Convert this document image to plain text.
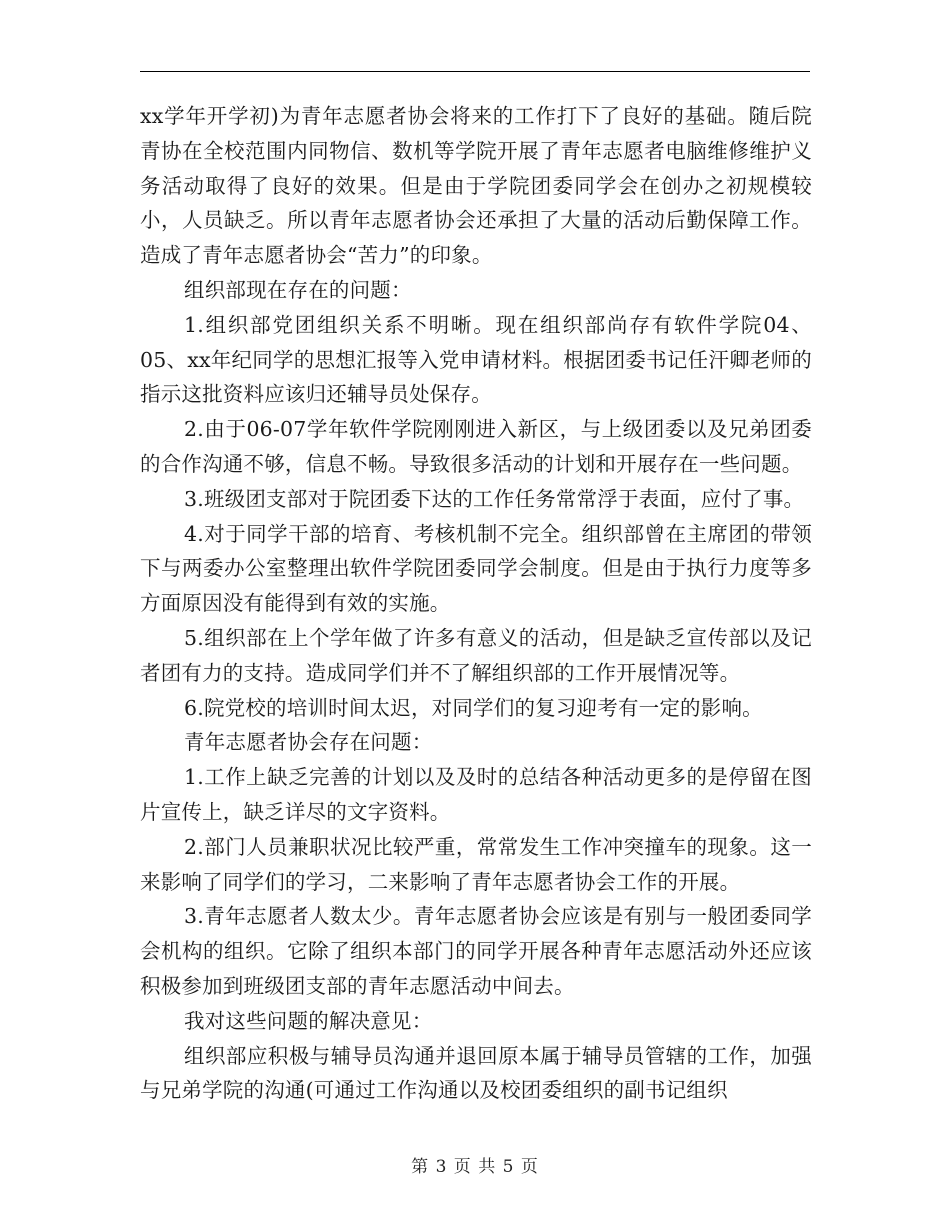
xx学年开学初)为青年志愿者协会将来的工作打下了良好的基础。随后院青协在全校范围内同物信、数机等学院开展了青年志愿者电脑维修维护义务活动取得了良好的效果。但是由于学院团委同学会在创办之初规模较小，人员缺乏。所以青年志愿者协会还承担了大量的活动后勤保障工作。造成了青年志愿者协会“苦力”的印象。

组织部现在存在的问题：

1.组织部党团组织关系不明晰。现在组织部尚存有软件学院04、05、xx年纪同学的思想汇报等入党申请材料。根据团委书记任汗卿老师的指示这批资料应该归还辅导员处保存。

2.由于06-07学年软件学院刚刚进入新区，与上级团委以及兄弟团委的合作沟通不够，信息不畅。导致很多活动的计划和开展存在一些问题。

3.班级团支部对于院团委下达的工作任务常常浮于表面，应付了事。

4.对于同学干部的培育、考核机制不完全。组织部曾在主席团的带领下与两委办公室整理出软件学院团委同学会制度。但是由于执行力度等多方面原因没有能得到有效的实施。

5.组织部在上个学年做了许多有意义的活动，但是缺乏宣传部以及记者团有力的支持。造成同学们并不了解组织部的工作开展情况等。

6.院党校的培训时间太迟，对同学们的复习迎考有一定的影响。

青年志愿者协会存在问题：

1.工作上缺乏完善的计划以及及时的总结各种活动更多的是停留在图片宣传上，缺乏详尽的文字资料。

2.部门人员兼职状况比较严重，常常发生工作冲突撞车的现象。这一来影响了同学们的学习，二来影响了青年志愿者协会工作的开展。

3.青年志愿者人数太少。青年志愿者协会应该是有别与一般团委同学会机构的组织。它除了组织本部门的同学开展各种青年志愿活动外还应该积极参加到班级团支部的青年志愿活动中间去。

我对这些问题的解决意见：

组织部应积极与辅导员沟通并退回原本属于辅导员管辖的工作，加强与兄弟学院的沟通(可通过工作沟通以及校团委组织的副书记组织

第 3 页 共 5 页
